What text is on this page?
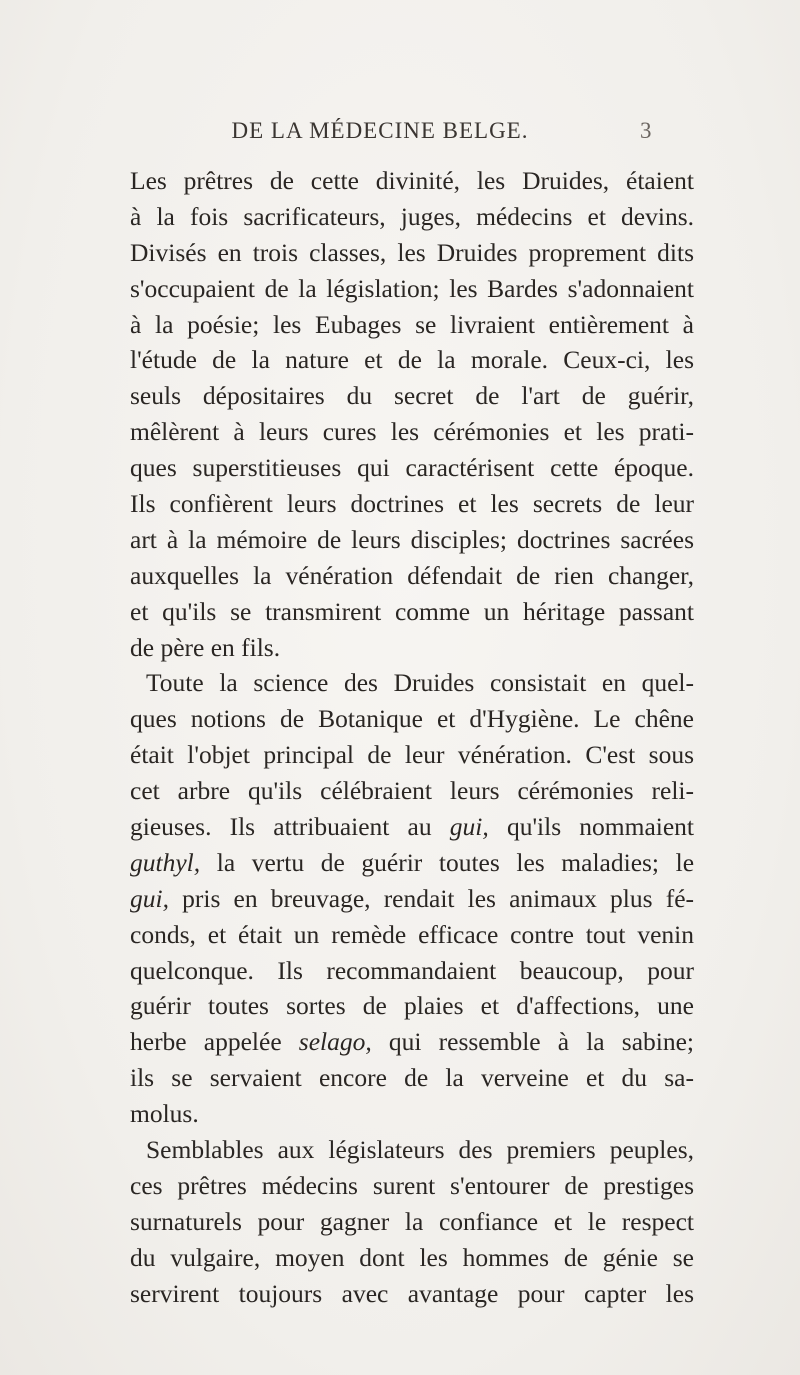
DE LA MÉDECINE BELGE.	3
Les prêtres de cette divinité, les Druides, étaient
à la fois sacrificateurs, juges, médecins et devins.
Divisés en trois classes, les Druides proprement dits
s'occupaient de la législation; les Bardes s'adonnaient
à la poésie; les Eubages se livraient entièrement à
l'étude de la nature et de la morale. Ceux-ci, les
seuls dépositaires du secret de l'art de guérir,
mêlèrent à leurs cures les cérémonies et les prati-
ques superstitieuses qui caractérisent cette époque.
Ils confièrent leurs doctrines et les secrets de leur
art à la mémoire de leurs disciples; doctrines sacrées
auxquelles la vénération défendait de rien changer,
et qu'ils se transmirent comme un héritage passant
de père en fils.
Toute la science des Druides consistait en quel-
ques notions de Botanique et d'Hygiène. Le chêne
était l'objet principal de leur vénération. C'est sous
cet arbre qu'ils célébraient leurs cérémonies reli-
gieuses. Ils attribuaient au gui, qu'ils nommaient
guthyl, la vertu de guérir toutes les maladies; le
gui, pris en breuvage, rendait les animaux plus fé-
conds, et était un remède efficace contre tout venin
quelconque. Ils recommandaient beaucoup, pour
guérir toutes sortes de plaies et d'affections, une
herbe appelée selago, qui ressemble à la sabine;
ils se servaient encore de la verveine et du sa-
molus.
Semblables aux législateurs des premiers peuples,
ces prêtres médecins surent s'entourer de prestiges
surnaturels pour gagner la confiance et le respect
du vulgaire, moyen dont les hommes de génie se
servirent toujours avec avantage pour capter les
